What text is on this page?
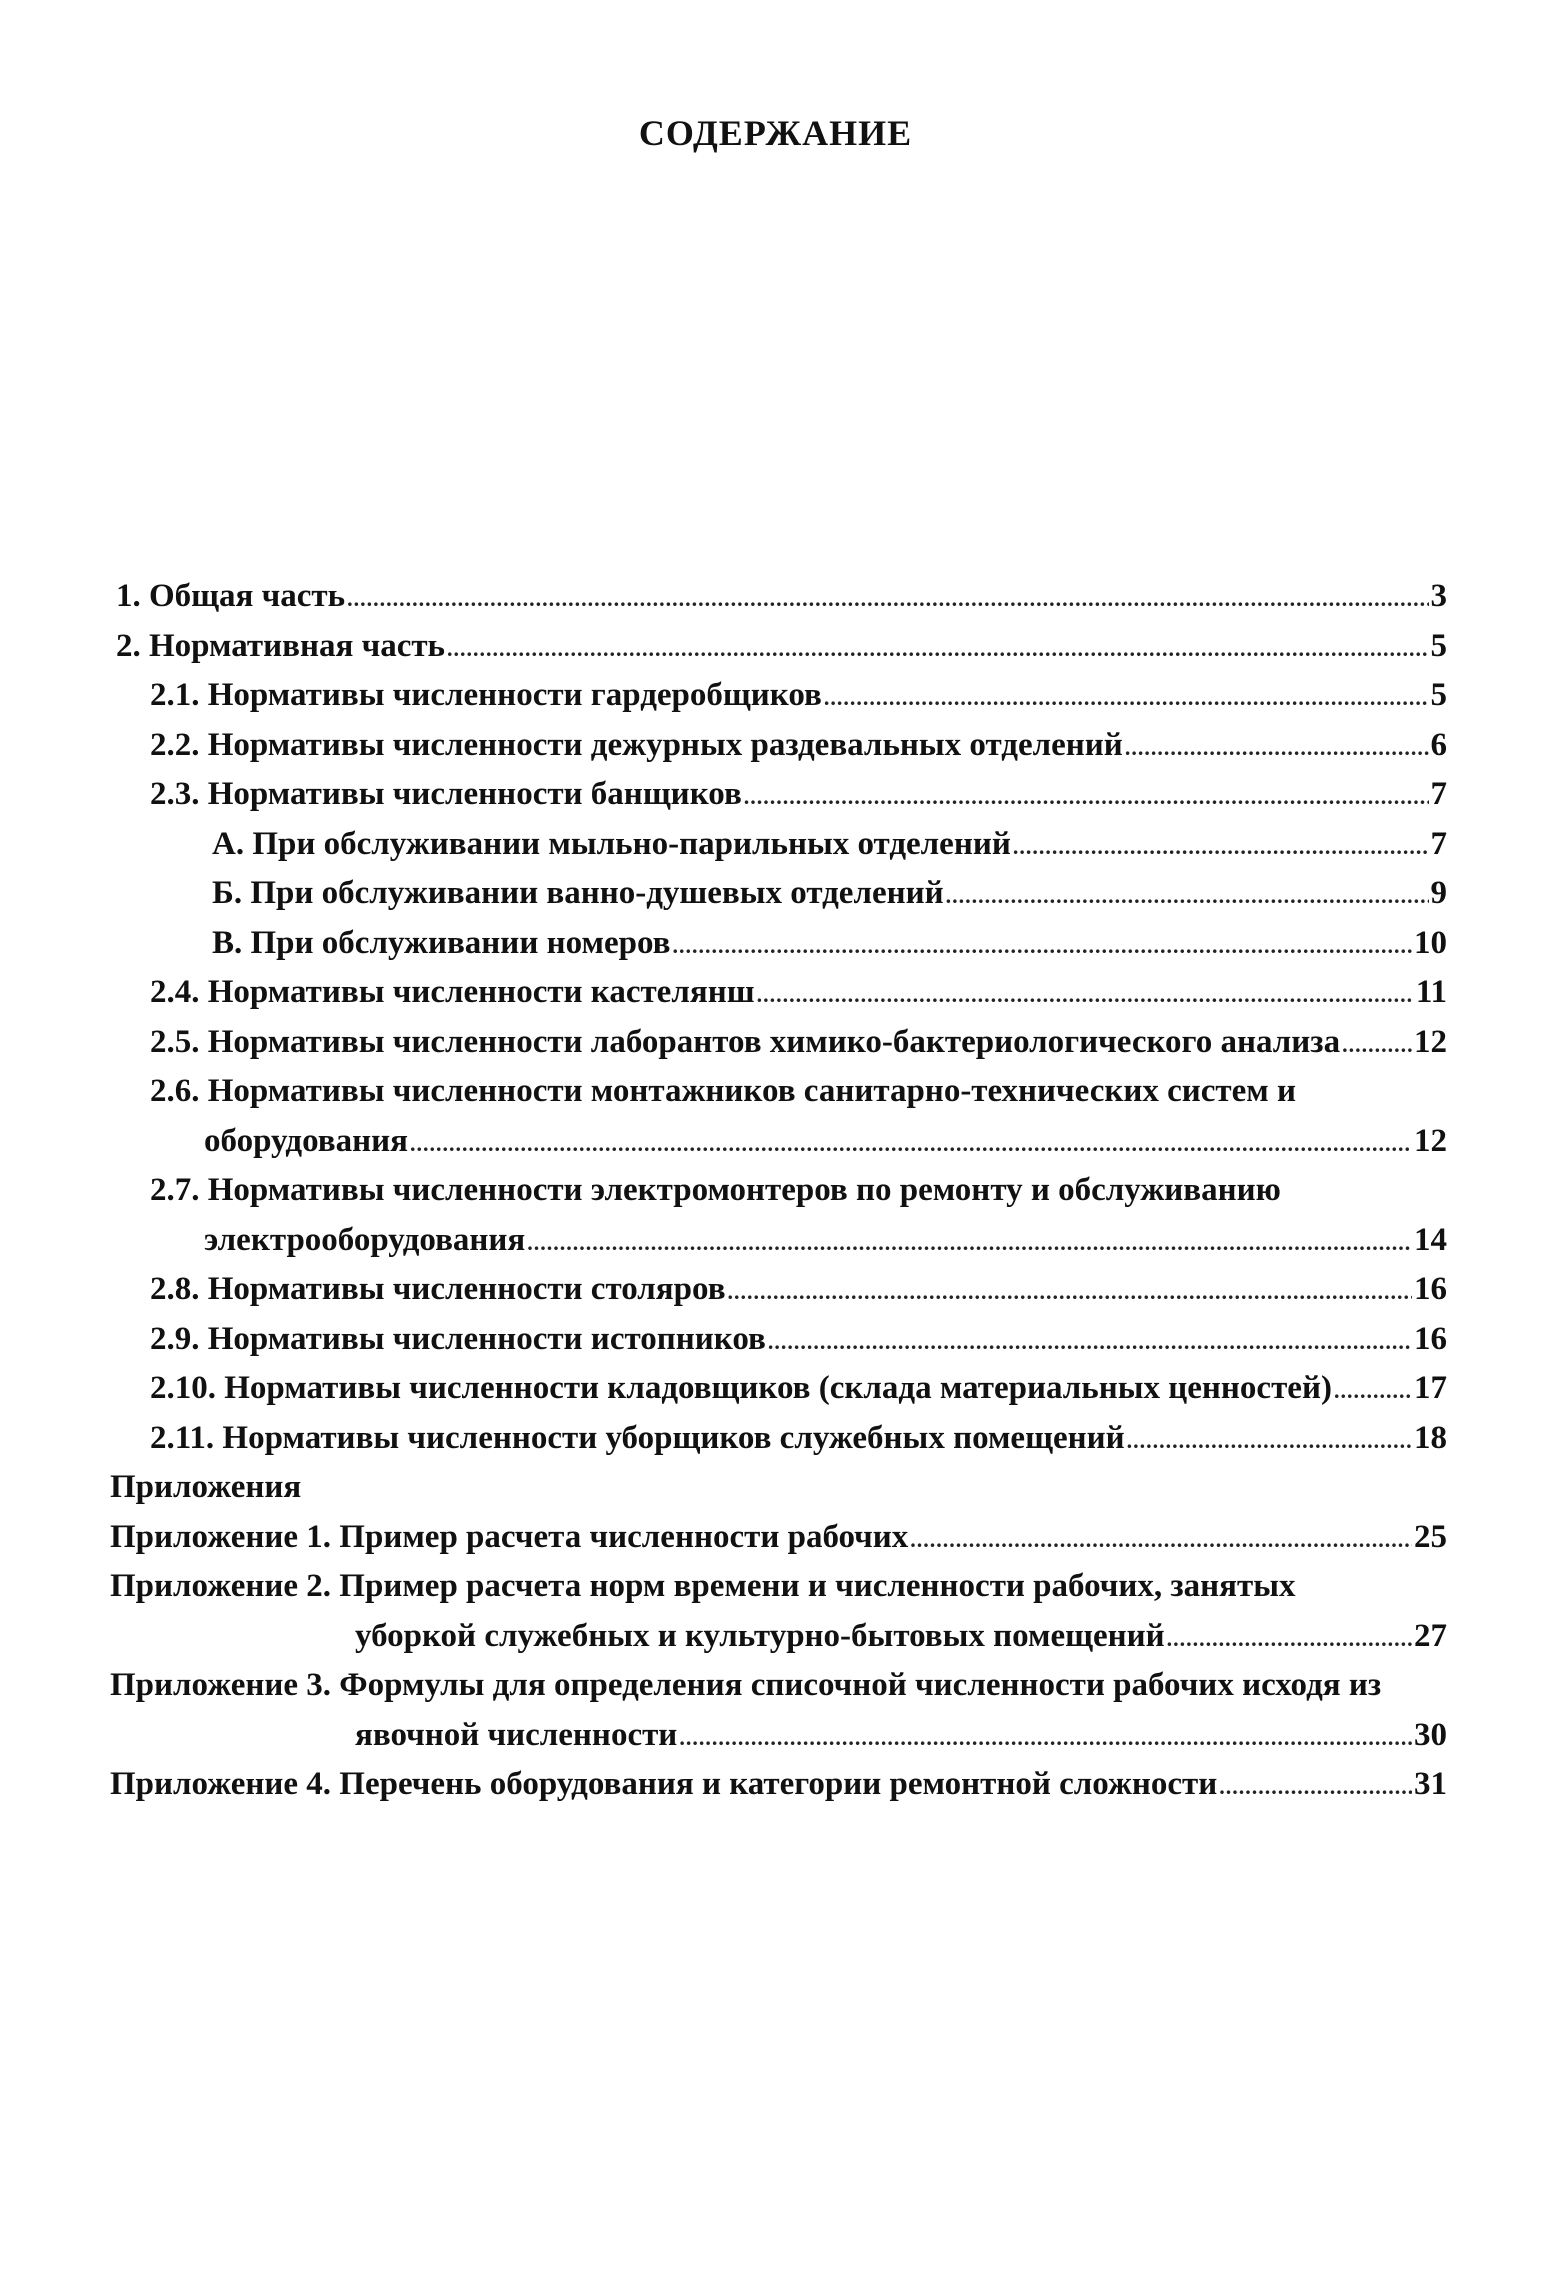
СОДЕРЖАНИЕ
1. Общая часть .....	3
2. Нормативная часть .....	5
2.1. Нормативы численности гардеробщиков .....	5
2.2. Нормативы численности дежурных раздевальных отделений .....	6
2.3. Нормативы численности банщиков .....	7
А. При обслуживании мыльно-парильных отделений .....	7
Б. При обслуживании ванно-душевых отделений .....	9
В. При обслуживании номеров .....	10
2.4. Нормативы численности кастелянш .....	11
2.5. Нормативы численности лаборантов химико-бактериологического анализа ..... 12
2.6. Нормативы численности монтажников санитарно-технических систем и
оборудования .....	12
2.7. Нормативы численности электромонтеров по ремонту и обслуживанию
электрооборудования .....	14
2.8. Нормативы численности столяров .....	16
2.9. Нормативы численности истопников .....	16
2.10. Нормативы численности кладовщиков (склада материальных ценностей) ..... 17
2.11. Нормативы численности уборщиков служебных помещений .....	18
Приложения
Приложение 1. Пример расчета численности рабочих .....	25
Приложение 2. Пример расчета норм времени и численности рабочих, занятых
уборкой служебных и культурно-бытовых помещений .....	27
Приложение 3. Формулы для определения списочной численности рабочих исходя из
явочной численности .....	30
Приложение 4. Перечень оборудования и категории ремонтной сложности .....	31
